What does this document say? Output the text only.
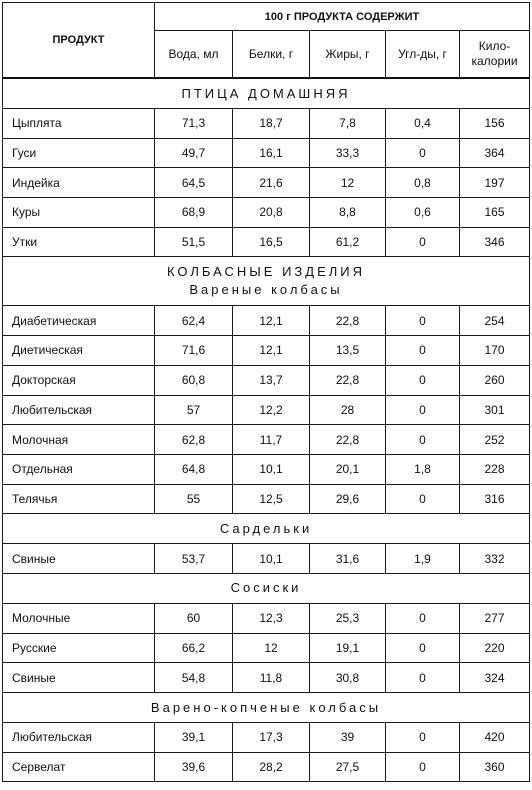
ПРОДУКТ	100 г ПРОДУКТА СОДЕРЖИТ				
	Вода, мл	Белки, г	Жиры, г	Угл-ды, г	Кило-
калории

ПТИЦА ДОМАШНЯЯ					

Цыплята	71,3	18,7	7,8	0,4	156
Гуси	49,7	16,1	33,3	0	364
Индейка	64,5	21,6	12	0,8	197
Куры	68,9	20,8	8,8	0,6	165
Утки	51,5	16,5	61,2	0	346

КОЛБАСНЫЕ ИЗДЕЛИЯ
Вареные колбасы					

Диабетическая	62,4	12,1	22,8	0	254
Диетическая	71,6	12,1	13,5	0	170
Докторская	60,8	13,7	22,8	0	260
Любительская	57	12,2	28	0	301
Молочная	62,8	11,7	22,8	0	252
Отдельная	64,8	10,1	20,1	1,8	228
Телячья	55	12,5	29,6	0	316

Сардельки					

Свиные	53,7	10,1	31,6	1,9	332

Сосиски					

Молочные	60	12,3	25,3	0	277
Русские	66,2	12	19,1	0	220
Свиные	54,8	11,8	30,8	0	324

Варено-копченые колбасы					

Любительская	39,1	17,3	39	0	420
Сервелат	39,6	28,2	27,5	0	360
